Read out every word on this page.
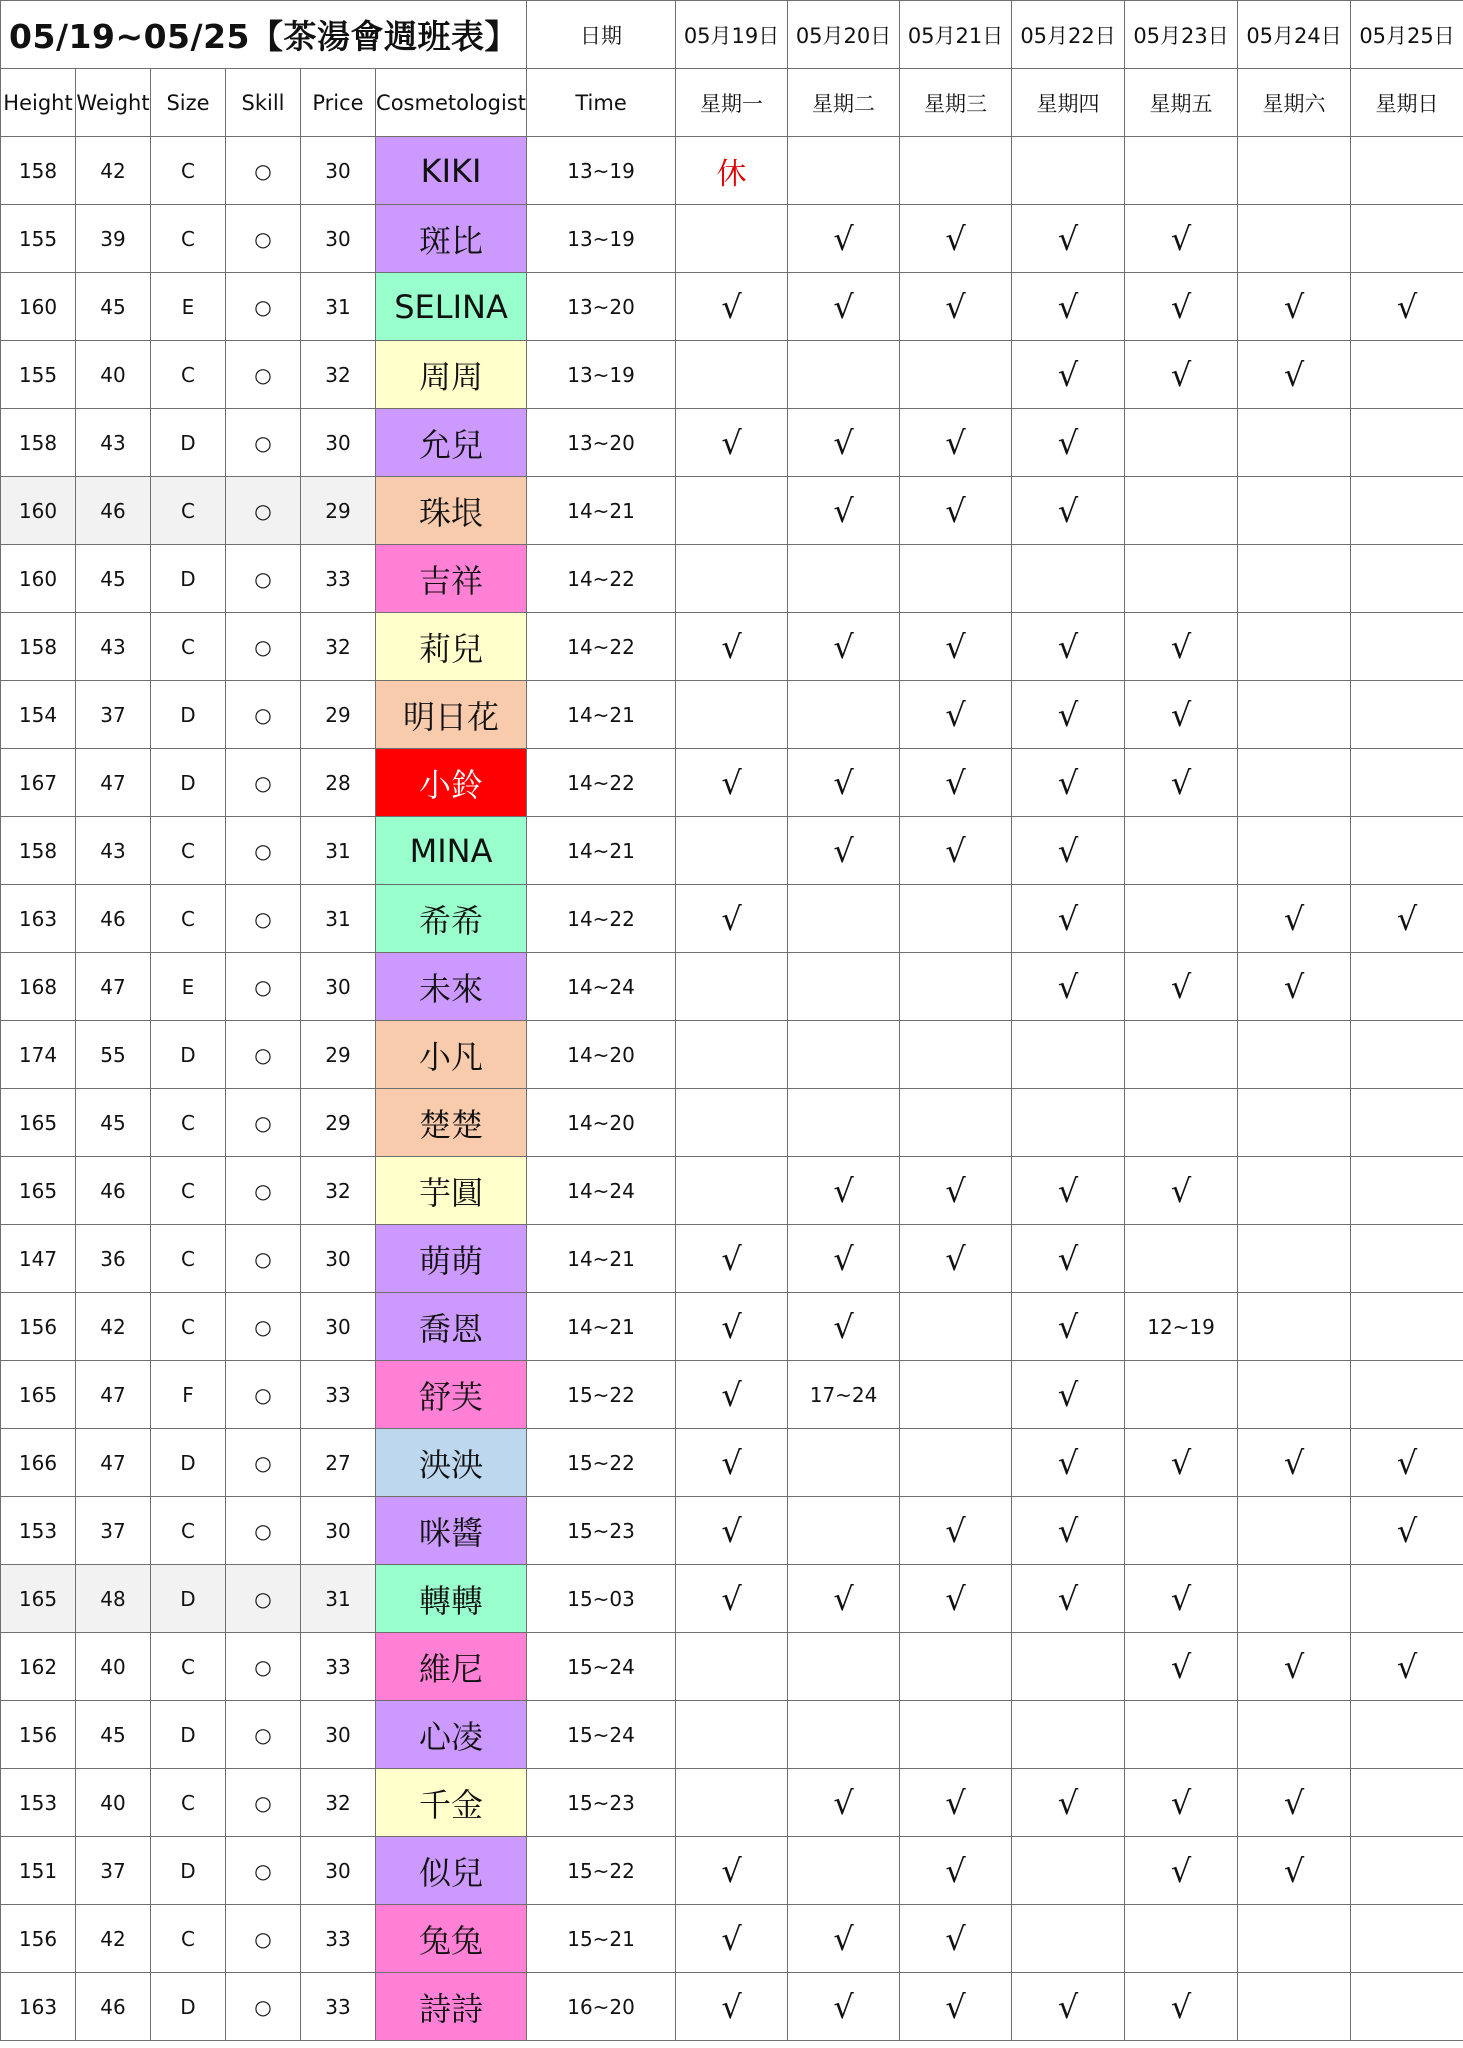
05/19~05/25【茶湯會週班表】						日期	05月19日	05月20日	05月21日	05月22日	05月23日	05月24日	05月25日
Height	Weight	Size	Skill	Price	Cosmetologist	Time	星期一	星期二	星期三	星期四	星期五	星期六	星期日
158	42	C	○	30	KIKI	13~19	休						
155	39	C	○	30	斑比	13~19		√	√	√	√		
160	45	E	○	31	SELINA	13~20	√	√	√	√	√	√	√
155	40	C	○	32	周周	13~19				√	√	√	
158	43	D	○	30	允兒	13~20	√	√	√	√			
160	46	C	○	29	珠垠	14~21		√	√	√			
160	45	D	○	33	吉祥	14~22							
158	43	C	○	32	莉兒	14~22	√	√	√	√	√		
154	37	D	○	29	明日花	14~21			√	√	√		
167	47	D	○	28	小鈴	14~22	√	√	√	√	√		
158	43	C	○	31	MINA	14~21		√	√	√			
163	46	C	○	31	希希	14~22	√			√		√	√
168	47	E	○	30	未來	14~24				√	√	√	
174	55	D	○	29	小凡	14~20							
165	45	C	○	29	楚楚	14~20							
165	46	C	○	32	芋圓	14~24		√	√	√	√		
147	36	C	○	30	萌萌	14~21	√	√	√	√			
156	42	C	○	30	喬恩	14~21	√	√		√	12~19		
165	47	F	○	33	舒芙	15~22	√	17~24		√			
166	47	D	○	27	泱泱	15~22	√			√	√	√	√
153	37	C	○	30	咪醬	15~23	√		√	√			√
165	48	D	○	31	轉轉	15~03	√	√	√	√	√		
162	40	C	○	33	維尼	15~24					√	√	√
156	45	D	○	30	心凌	15~24							
153	40	C	○	32	千金	15~23		√	√	√	√	√	
151	37	D	○	30	似兒	15~22	√		√		√	√	
156	42	C	○	33	兔兔	15~21	√	√	√				
163	46	D	○	33	詩詩	16~20	√	√	√	√	√		
